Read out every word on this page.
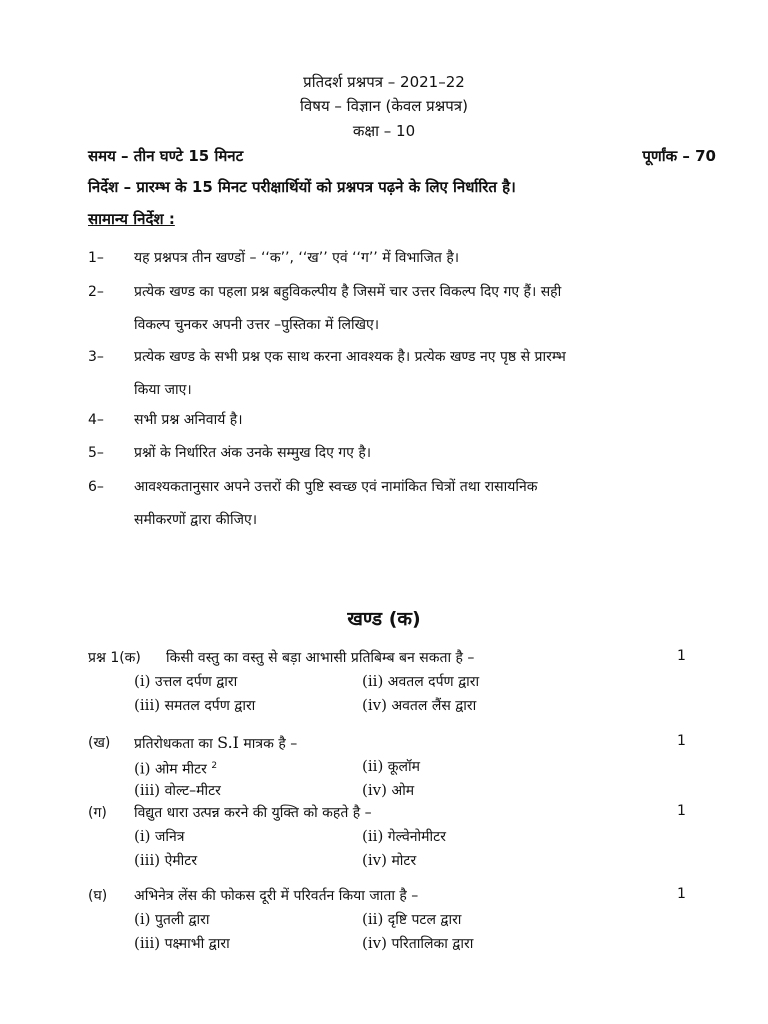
प्रतिदर्श प्रश्नपत्र – 2021–22
विषय – विज्ञान (केवल प्रश्नपत्र)
कक्षा – 10
समय – तीन घण्टे 15 मिनट	पूर्णांक – 70
निर्देश – प्रारम्भ के 15 मिनट परीक्षार्थियों को प्रश्नपत्र पढ़ने के लिए निर्धारित है।
सामान्य निर्देश :
1– यह प्रश्नपत्र तीन खण्डों – ‘‘क’’, ‘‘ख’’ एवं ‘‘ग’’ में विभाजित है।
2– प्रत्येक खण्ड का पहला प्रश्न बहुविकल्पीय है जिसमें चार उत्तर विकल्प दिए गए हैं। सही
विकल्प चुनकर अपनी उत्तर –पुस्तिका में लिखिए।
3– प्रत्येक खण्ड के सभी प्रश्न एक साथ करना आवश्यक है। प्रत्येक खण्ड नए पृष्ठ से प्रारम्भ
किया जाए।
4– सभी प्रश्न अनिवार्य है।
5– प्रश्नों के निर्धारित अंक उनके सम्मुख दिए गए है।
6– आवश्यकतानुसार अपने उत्तरों की पुष्टि स्वच्छ एवं नामांकित चित्रों तथा रासायनिक
समीकरणों द्वारा कीजिए।
खण्ड (क)
प्रश्न 1(क) किसी वस्तु का वस्तु से बड़ा आभासी प्रतिबिम्ब बन सकता है –	1
(i) उत्तल दर्पण द्वारा	(ii) अवतल दर्पण द्वारा
(iii) समतल दर्पण द्वारा	(iv) अवतल लैंस द्वारा
(ख) प्रतिरोधकता का S.I मात्रक है –	1
(i) ओम मीटर $^2$	(ii) कूलॉम
(iii) वोल्ट–मीटर	(iv) ओम
(ग) विद्युत धारा उत्पन्न करने की युक्ति को कहते है –	1
(i) जनित्र	(ii) गेल्वेनोमीटर
(iii) ऐमीटर	(iv) मोटर
(घ) अभिनेत्र लेंस की फोकस दूरी में परिवर्तन किया जाता है –	1
(i) पुतली द्वारा	(ii) दृष्टि पटल द्वारा
(iii) पक्ष्माभी द्वारा	(iv) परितालिका द्वारा
